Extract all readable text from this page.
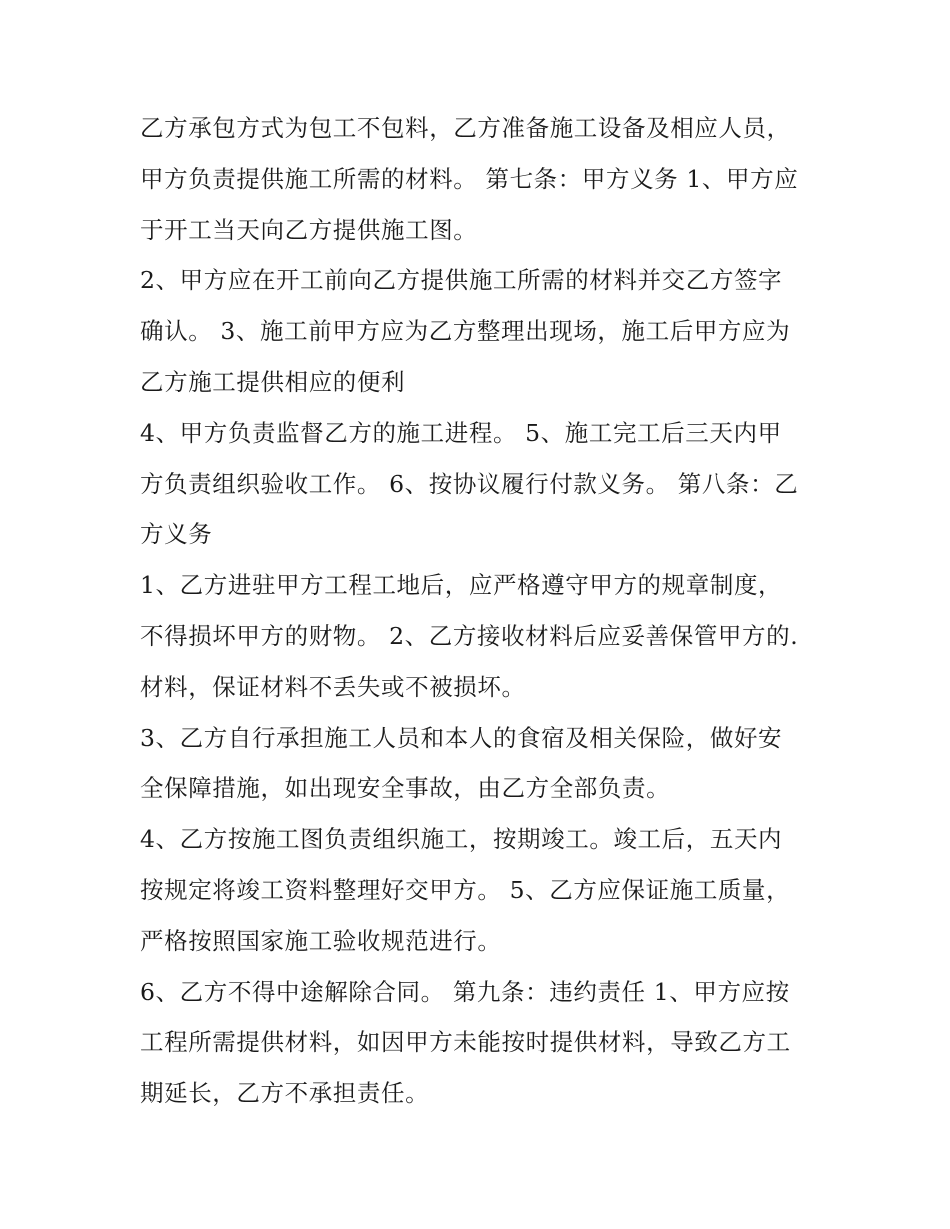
乙方承包方式为包工不包料，乙方准备施工设备及相应人员，
甲方负责提供施工所需的材料。 第七条：甲方义务 1、甲方应
于开工当天向乙方提供施工图。
2、甲方应在开工前向乙方提供施工所需的材料并交乙方签字
确认。 3、施工前甲方应为乙方整理出现场，施工后甲方应为
乙方施工提供相应的便利
4、甲方负责监督乙方的施工进程。 5、施工完工后三天内甲
方负责组织验收工作。 6、按协议履行付款义务。 第八条：乙
方义务
1、乙方进驻甲方工程工地后，应严格遵守甲方的规章制度，
不得损坏甲方的财物。 2、乙方接收材料后应妥善保管甲方的.
材料，保证材料不丢失或不被损坏。
3、乙方自行承担施工人员和本人的食宿及相关保险，做好安
全保障措施，如出现安全事故，由乙方全部负责。
4、乙方按施工图负责组织施工，按期竣工。竣工后，五天内
按规定将竣工资料整理好交甲方。 5、乙方应保证施工质量，
严格按照国家施工验收规范进行。
6、乙方不得中途解除合同。 第九条：违约责任 1、甲方应按
工程所需提供材料，如因甲方未能按时提供材料，导致乙方工
期延长，乙方不承担责任。
